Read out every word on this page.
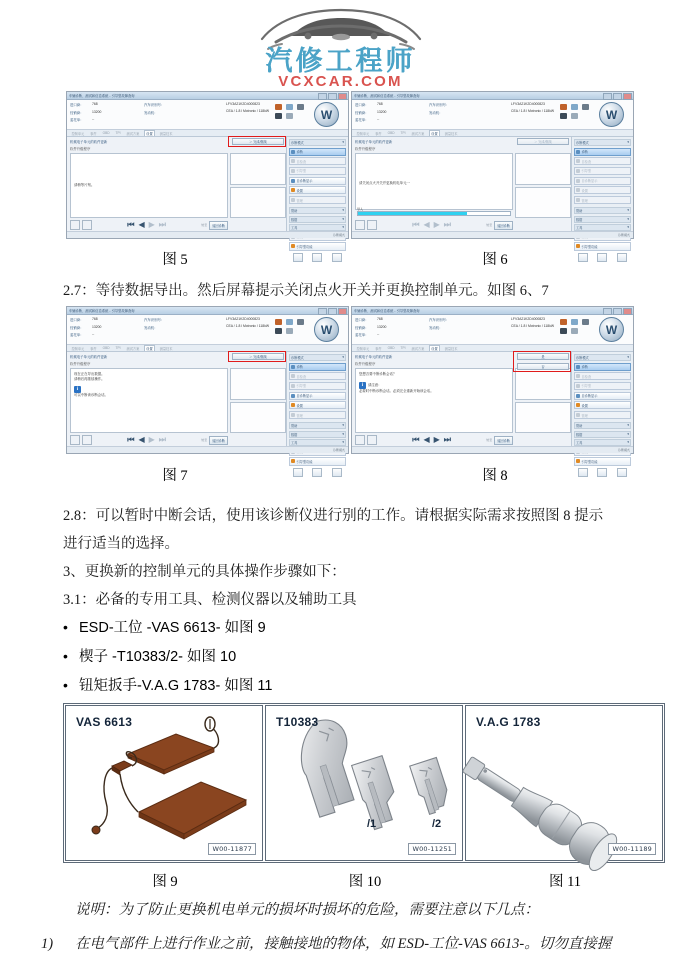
汽修工程师
VCXCAR.COM
车辆诊断、测试和信息系统 - 引导型故障查询
进口商：	768
经销商：	13200
委托单：	--
汽车识别号：
发动机：
LFV3A21K2D4000823
CEA / 1.8 l Motronic / 118kW	W
控制单元	事件	OBD	TPI	测试方案	设置	测量技术
机械电子单元的软件更新
软件升级程序
请稍等片刻。
＞ 完成/继续
⏮ ◀ ▶ ⏭	转至	返回诊断
诊断模式	▾
诊断
自检查
引导型
自诊断显示
设置
管理
帮助	▾
数据	▾
工具	▾
引导型功能
诊断模式
车辆诊断、测试和信息系统 - 引导型故障查询
进口商：	768
经销商：	13200
委托单：	--
汽车识别号：
发动机：
LFV3A21K2D4000823
CEA / 1.8 l Motronic / 118kW	W
控制单元	事件	OBD	TPI	测试方案	设置	测量技术
机械电子单元的软件更新
软件升级程序
请关闭点火开关并更换机电单元一
导入
＞ 完成/继续
⏮ ◀ ▶ ⏭	转至	返回诊断
诊断模式	▾
诊断
自检查
引导型
自诊断显示
设置
管理
帮助	▾
数据	▾
工具	▾
引导型功能
诊断模式
图 5	图 6
2.7：等待数据导出。然后屏幕提示关闭点火开关并更换控制单元。如图 6、7
车辆诊断、测试和信息系统 - 引导型故障查询
进口商：	768
经销商：	13200
委托单：	--
汽车识别号：
发动机：
LFV3A21K2D4000823
CEA / 1.8 l Motronic / 118kW	W
控制单元	事件	OBD	TPI	测试方案	设置	测量技术
机械电子单元的软件更新
软件升级程序
现在正在导出数据。
请稍后再继续操作。
i
可以中断该诊断会话。
＞ 完成/继续
⏮ ◀ ▶ ⏭	转至	返回诊断
诊断模式	▾
诊断
自检查
引导型
自诊断显示
设置
管理
帮助	▾
数据	▾
工具	▾
引导型功能
诊断模式
车辆诊断、测试和信息系统 - 引导型故障查询
进口商：	768
经销商：	13200
委托单：	--
汽车识别号：
发动机：
LFV3A21K2D4000823
CEA / 1.8 l Motronic / 118kW	W
控制单元	事件	OBD	TPI	测试方案	设置	测量技术
机械电子单元的软件更新
软件升级程序
您想否要中断诊断会话？
i	请注意：
必要时中断诊断会话。必须完全重新开始该会话。
是
否
⏮ ◀ ▶ ⏭	转至	返回诊断
诊断模式	▾
诊断
自检查
引导型
自诊断显示
设置
管理
帮助	▾
数据	▾
工具	▾
引导型功能
诊断模式
图 7	图 8
2.8：可以暂时中断会话，使用该诊断仪进行别的工作。请根据实际需求按照图 8 提示
进行适当的选择。
3、更换新的控制单元的具体操作步骤如下：
3.1：必备的专用工具、检测仪器以及辅助工具
• ESD-工位 -VAS 6613- 如图 9
• 楔子 -T10383/2- 如图 10
• 钮矩扳手-V.A.G 1783- 如图 11
VAS 6613
W00-11877
T10383
/1	/2
W00-11251
V.A.G 1783
W00-11189
图 9	图 10	图 11
说明：为了防止更换机电单元的损坏时损坏的危险，需要注意以下几点：
1)	在电气部件上进行作业之前，接触接地的物体，如 ESD-工位-VAS 6613-。切勿直接握
